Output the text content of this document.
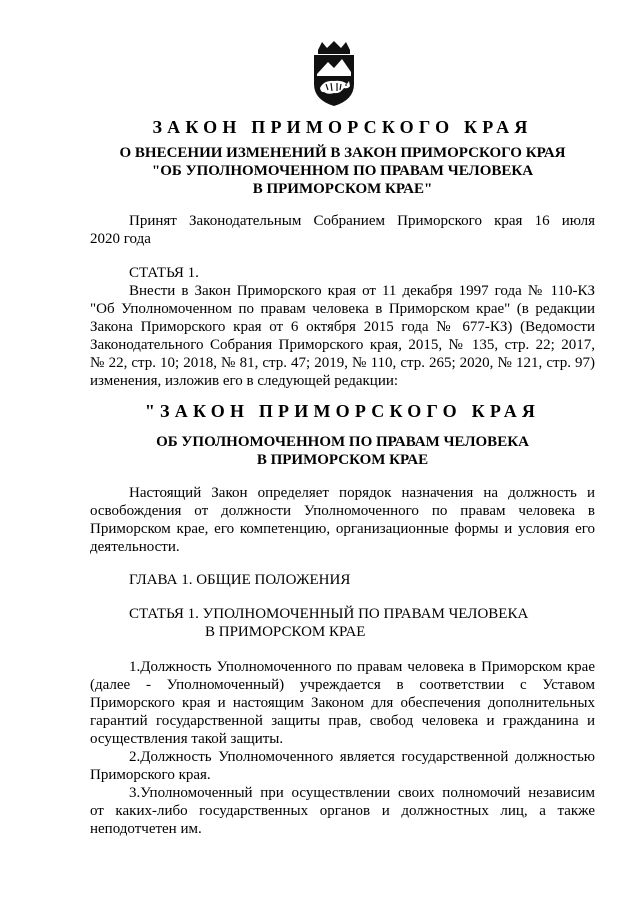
ЗАКОН ПРИМОРСКОГО КРАЯ
О ВНЕСЕНИИ ИЗМЕНЕНИЙ В ЗАКОН ПРИМОРСКОГО КРАЯ
"ОБ УПОЛНОМОЧЕННОМ ПО ПРАВАМ ЧЕЛОВЕКА
В ПРИМОРСКОМ КРАЕ"
Принят Законодательным Собранием Приморского края 16 июля
2020 года
СТАТЬЯ 1.
Внести в Закон Приморского края от 11 декабря 1997 года № 110-КЗ
"Об Уполномоченном по правам человека в Приморском крае" (в редакции
Закона Приморского края от 6 октября 2015 года № 677-КЗ) (Ведомости
Законодательного Собрания Приморского края, 2015, № 135, стр. 22; 2017,
№ 22, стр. 10; 2018, № 81, стр. 47; 2019, № 110, стр. 265; 2020, № 121, стр. 97)
изменения, изложив его в следующей редакции:
"ЗАКОН ПРИМОРСКОГО КРАЯ
ОБ УПОЛНОМОЧЕННОМ ПО ПРАВАМ ЧЕЛОВЕКА
В ПРИМОРСКОМ КРАЕ
Настоящий Закон определяет порядок назначения на должность и
освобождения от должности Уполномоченного по правам человека в
Приморском крае, его компетенцию, организационные формы и условия его
деятельности.
ГЛАВА 1. ОБЩИЕ ПОЛОЖЕНИЯ
СТАТЬЯ 1. УПОЛНОМОЧЕННЫЙ ПО ПРАВАМ ЧЕЛОВЕКА
В ПРИМОРСКОМ КРАЕ
1.Должность Уполномоченного по правам человека в Приморском крае
(далее - Уполномоченный) учреждается в соответствии с Уставом
Приморского края и настоящим Законом для обеспечения дополнительных
гарантий государственной защиты прав, свобод человека и гражданина и
осуществления такой защиты.
2.Должность Уполномоченного является государственной должностью
Приморского края.
3.Уполномоченный при осуществлении своих полномочий независим
от каких-либо государственных органов и должностных лиц, а также
неподотчетен им.
